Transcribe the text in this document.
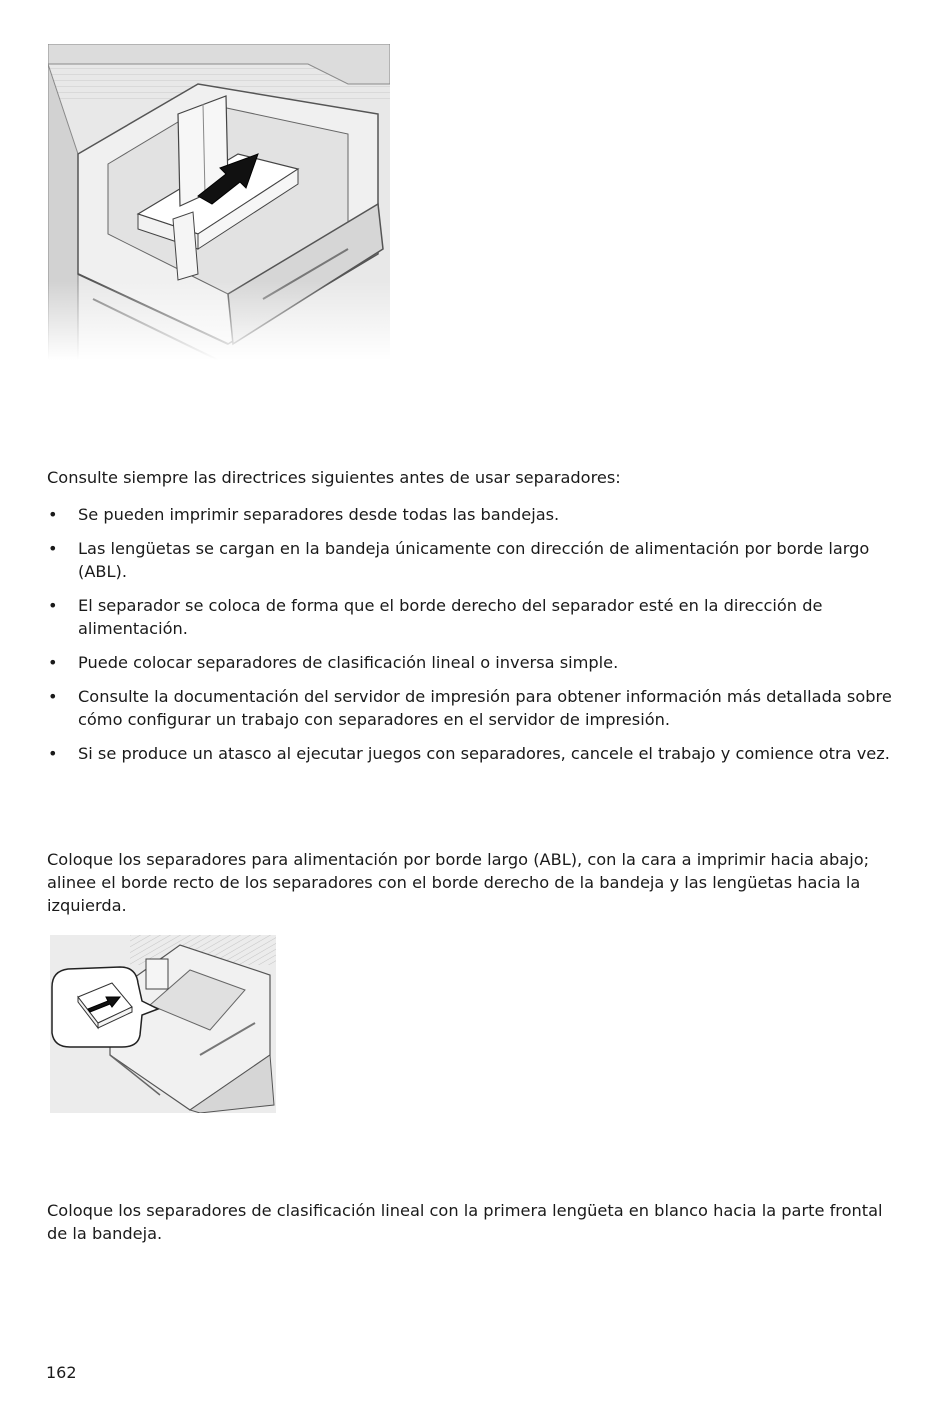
Consulte siempre las directrices siguientes antes de usar separadores:

• Se pueden imprimir separadores desde todas las bandejas.
• Las lengüetas se cargan en la bandeja únicamente con dirección de alimentación por borde largo (ABL).
• El separador se coloca de forma que el borde derecho del separador esté en la dirección de alimentación.
• Puede colocar separadores de clasificación lineal o inversa simple.
• Consulte la documentación del servidor de impresión para obtener información más detallada sobre cómo configurar un trabajo con separadores en el servidor de impresión.
• Si se produce un atasco al ejecutar juegos con separadores, cancele el trabajo y comience otra vez.

Coloque los separadores para alimentación por borde largo (ABL), con la cara a imprimir hacia abajo; alinee el borde recto de los separadores con el borde derecho de la bandeja y las lengüetas hacia la izquierda.

Coloque los separadores de clasificación lineal con la primera lengüeta en blanco hacia la parte frontal de la bandeja.

162
